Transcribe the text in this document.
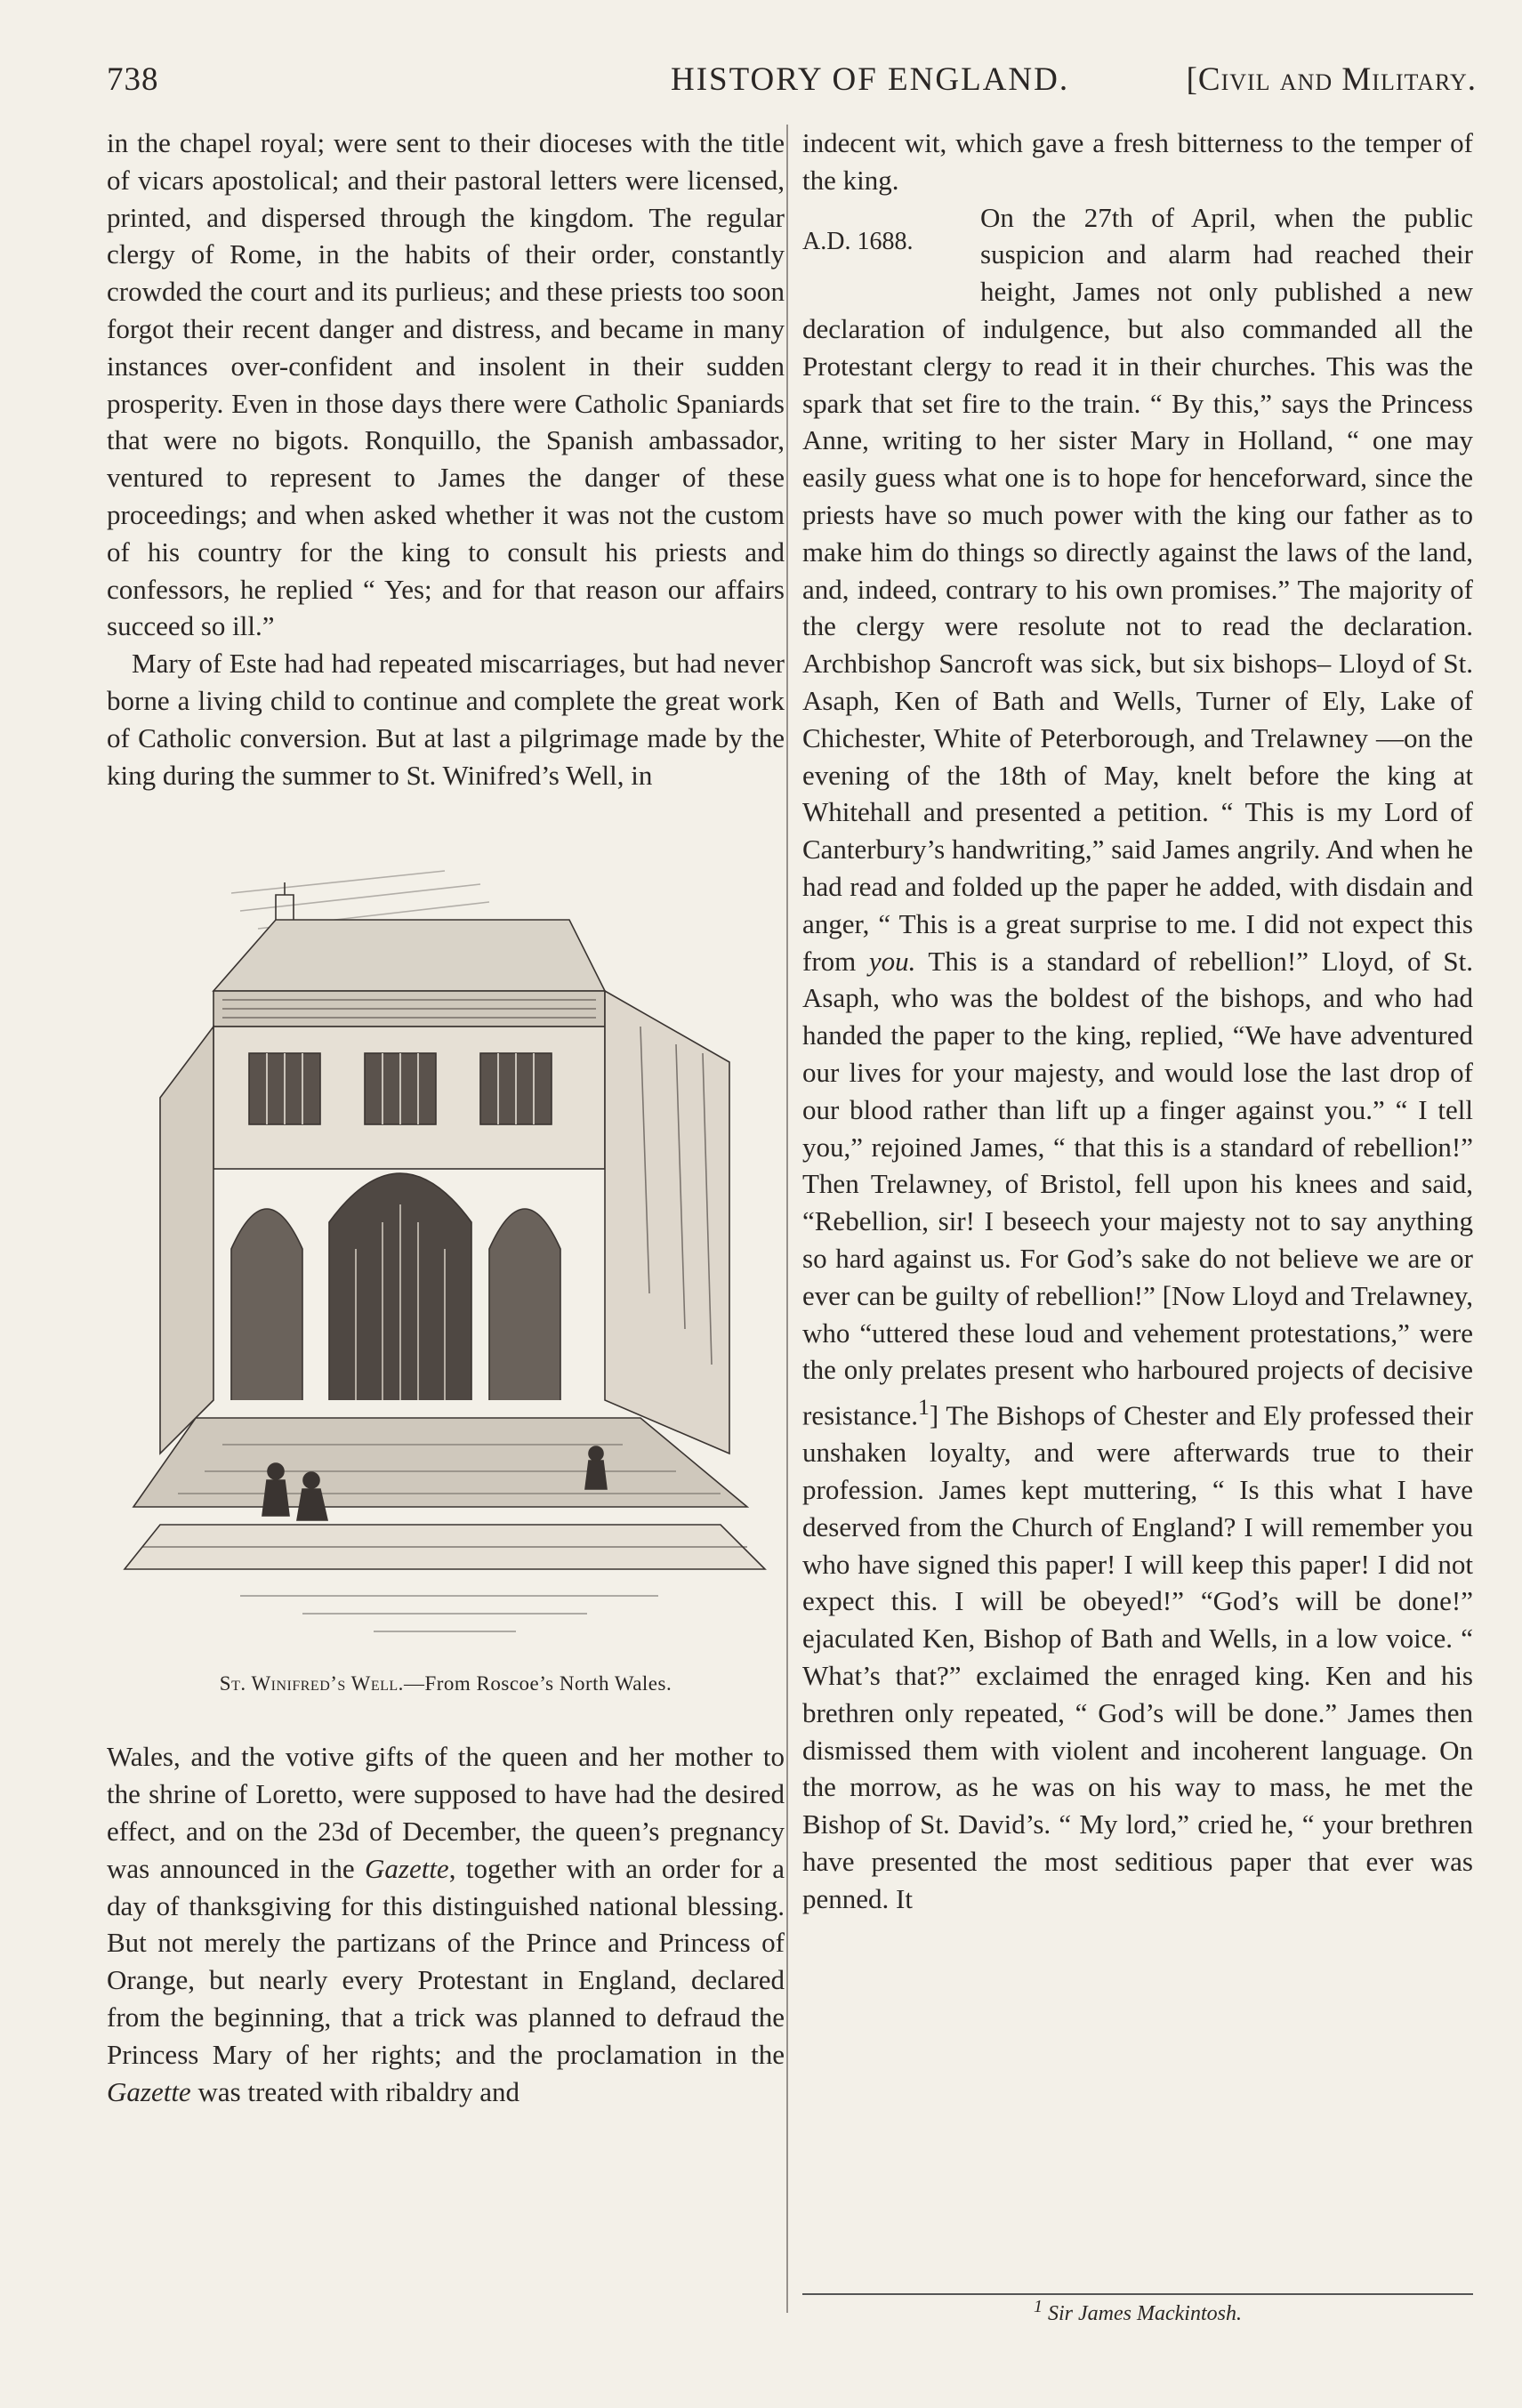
738	HISTORY OF ENGLAND.	[Civil and Military.

in the chapel royal; were sent to their dioceses with the title of vicars apostolical; and their pastoral letters were licensed, printed, and dispersed through the kingdom. The regular clergy of Rome, in the habits of their order, constantly crowded the court and its purlieus; and these priests too soon forgot their recent danger and distress, and became in many instances over-confident and insolent in their sudden prosperity. Even in those days there were Catholic Spaniards that were no bigots. Ronquillo, the Spanish ambassador, ventured to represent to James the danger of these proceedings; and when asked whether it was not the custom of his country for the king to consult his priests and confessors, he replied “ Yes; and for that reason our affairs succeed so ill.”

Mary of Este had had repeated miscarriages, but had never borne a living child to continue and complete the great work of Catholic conversion. But at last a pilgrimage made by the king during the summer to St. Winifred’s Well, in

St. Winifred’s Well.—From Roscoe’s North Wales.

Wales, and the votive gifts of the queen and her mother to the shrine of Loretto, were supposed to have had the desired effect, and on the 23d of December, the queen’s pregnancy was announced in the Gazette, together with an order for a day of thanksgiving for this distinguished national blessing. But not merely the partizans of the Prince and Princess of Orange, but nearly every Protestant in England, declared from the beginning, that a trick was planned to defraud the Princess Mary of her rights; and the proclamation in the Gazette was treated with ribaldry and

indecent wit, which gave a fresh bitterness to the temper of the king.

A.D. 1688.

On the 27th of April, when the public suspicion and alarm had reached their height, James not only published a new declaration of indulgence, but also commanded all the Protestant clergy to read it in their churches. This was the spark that set fire to the train. “ By this,” says the Princess Anne, writing to her sister Mary in Holland, “ one may easily guess what one is to hope for henceforward, since the priests have so much power with the king our father as to make him do things so directly against the laws of the land, and, indeed, contrary to his own promises.” The majority of the clergy were resolute not to read the declaration. Archbishop Sancroft was sick, but six bishops– Lloyd of St. Asaph, Ken of Bath and Wells, Turner of Ely, Lake of Chichester, White of Peterborough, and Trelawney —on the evening of the 18th of May, knelt before the king at Whitehall and presented a petition. “ This is my Lord of Canterbury’s handwriting,” said James angrily. And when he had read and folded up the paper he added, with disdain and anger, “ This is a great surprise to me. I did not expect this from you. This is a standard of rebellion!” Lloyd, of St. Asaph, who was the boldest of the bishops, and who had handed the paper to the king, replied, “We have adventured our lives for your majesty, and would lose the last drop of our blood rather than lift up a finger against you.” “ I tell you,” rejoined James, “ that this is a standard of rebellion!” Then Trelawney, of Bristol, fell upon his knees and said, “Rebellion, sir! I beseech your majesty not to say anything so hard against us. For God’s sake do not believe we are or ever can be guilty of rebellion!” [Now Lloyd and Trelawney, who “uttered these loud and vehement protestations,” were the only prelates present who harboured projects of decisive resistance.$^1$] The Bishops of Chester and Ely professed their unshaken loyalty, and were afterwards true to their profession. James kept muttering, “ Is this what I have deserved from the Church of England? I will remember you who have signed this paper! I will keep this paper! I did not expect this. I will be obeyed!” “God’s will be done!” ejaculated Ken, Bishop of Bath and Wells, in a low voice. “ What’s that?” exclaimed the enraged king. Ken and his brethren only repeated, “ God’s will be done.” James then dismissed them with violent and incoherent language. On the morrow, as he was on his way to mass, he met the Bishop of St. David’s. “ My lord,” cried he, “ your brethren have presented the most seditious paper that ever was penned. It

$^1$ Sir James Mackintosh.
